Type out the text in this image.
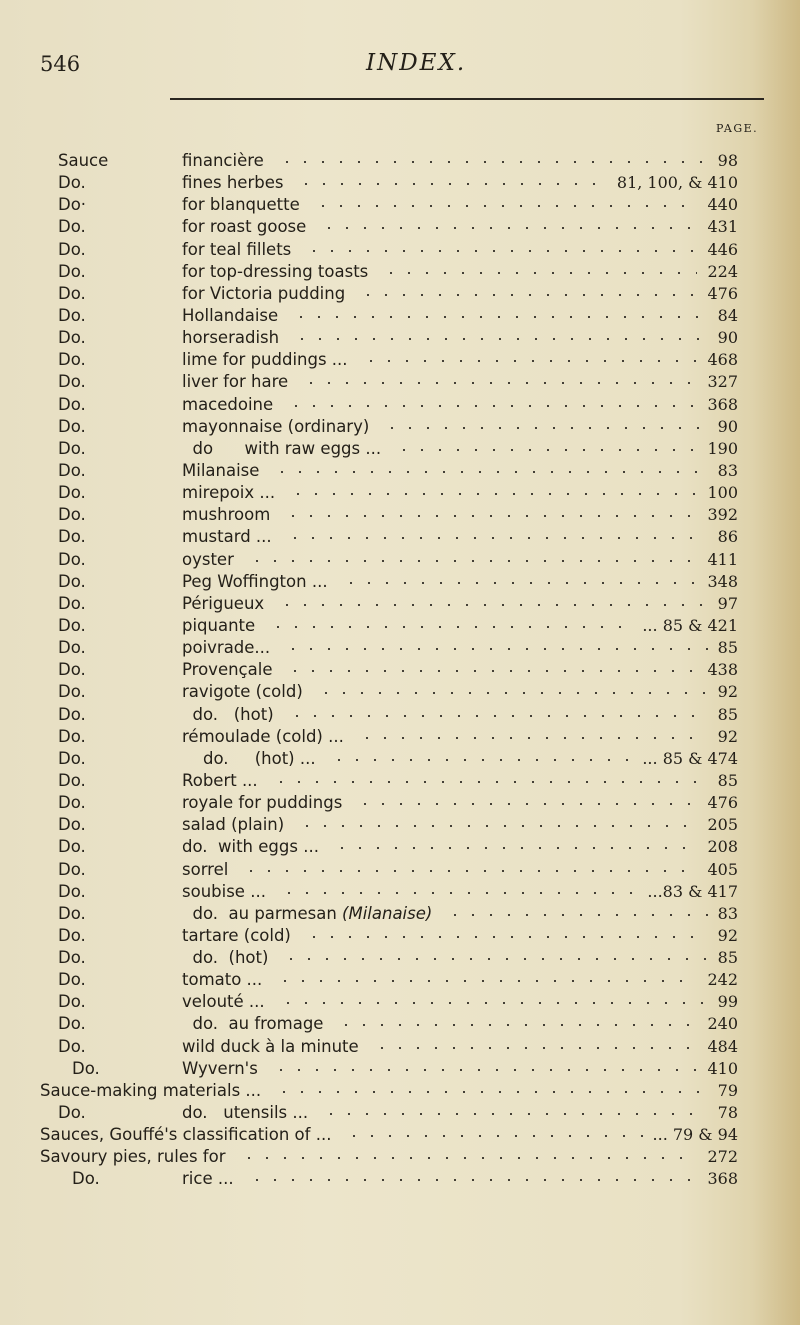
546	INDEX.
PAGE.
Sauce	financière	98
Do.	fines herbes	81, 100, & 410
Do·	for blanquette	440
Do.	for roast goose	431
Do.	for teal fillets	446
Do.	for top-dressing toasts	224
Do.	for Victoria pudding	476
Do.	Hollandaise	84
Do.	horseradish	90
Do.	lime for puddings ...	468
Do.	liver for hare	327
Do.	macedoine	368
Do.	mayonnaise (ordinary)	90
Do.	do      with raw eggs ...	190
Do.	Milanaise	83
Do.	mirepoix ...	100
Do.	mushroom	392
Do.	mustard ...	86
Do.	oyster	411
Do.	Peg Woffington ...	348
Do.	Périgueux	97
Do.	piquante	... 85 & 421
Do.	poivrade...	85
Do.	Provençale	438
Do.	ravigote (cold)	92
Do.	do.   (hot)	85
Do.	rémoulade (cold) ...	92
Do.	do.     (hot) ...	... 85 & 474
Do.	Robert ...	85
Do.	royale for puddings	476
Do.	salad (plain)	205
Do.	do.  with eggs ...	208
Do.	sorrel	405
Do.	soubise ...	...83 & 417
Do.	do.  au parmesan (Milanaise)	83
Do.	tartare (cold)	92
Do.	do.  (hot)	85
Do.	tomato ...	242
Do.	velouté ...	99
Do.	do.  au fromage	240
Do.	wild duck à la minute	484
Do.	Wyvern's	410
Sauce-making materials ...	79
Do.	do.   utensils ...	78
Sauces, Gouffé's classification of ...	... 79 & 94
Savoury pies, rules for	272
Do.	rice ...	368
